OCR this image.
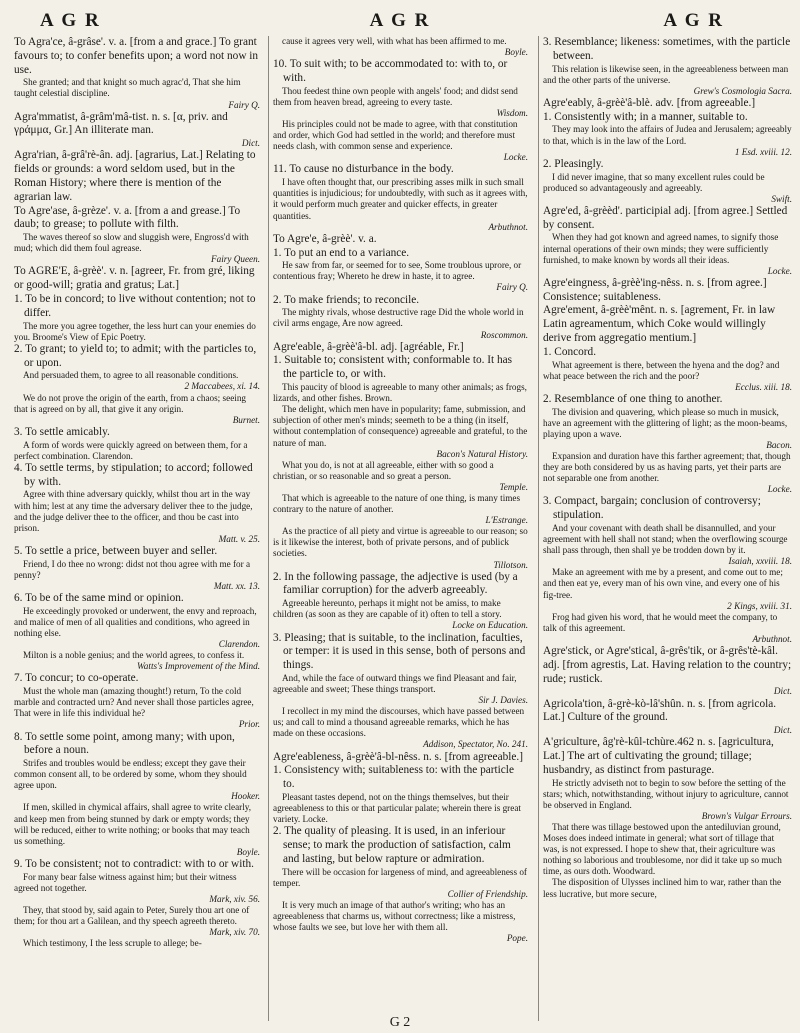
A G R	A G R	A G R

To Agra'ce, â-grâse'. v. a. [from a and grace.] To grant favours to; to confer benefits upon; a word not now in use.

She granted; and that knight so much agrac'd, That she him taught celestial discipline.

Fairy Q.

Agra'mmatist, â-grâm'mâ-tist. n. s. [α, priv. and γράμμα, Gr.] An illiterate man.

Dict.

Agra'rian, â-grâ'rè-ân. adj. [agrarius, Lat.] Relating to fields or grounds: a word seldom used, but in the Roman History; where there is mention of the agrarian law.

To Agre'ase, â-grèze'. v. a. [from a and grease.] To daub; to grease; to pollute with filth.

The waves thereof so slow and sluggish were, Engross'd with mud; which did them foul agrease.

Fairy Queen.

To AGRE'E, â-grèè'. v. n. [agreer, Fr. from gré, liking or good-will; gratia and gratus; Lat.]

1. To be in concord; to live without contention; not to differ.

The more you agree together, the less hurt can your enemies do you. Broome's View of Epic Poetry.

2. To grant; to yield to; to admit; with the particles to, or upon.

And persuaded them, to agree to all reasonable conditions.

2 Maccabees, xi. 14.

We do not prove the origin of the earth, from a chaos; seeing that is agreed on by all, that give it any origin.

Burnet.

3. To settle amicably.

A form of words were quickly agreed on between them, for a perfect combination. Clarendon.

4. To settle terms, by stipulation; to accord; followed by with.

Agree with thine adversary quickly, whilst thou art in the way with him; lest at any time the adversary deliver thee to the judge, and the judge deliver thee to the officer, and thou be cast into prison.

Matt. v. 25.

5. To settle a price, between buyer and seller.

Friend, I do thee no wrong: didst not thou agree with me for a penny?

Matt. xx. 13.

6. To be of the same mind or opinion.

He exceedingly provoked or underwent, the envy and reproach, and malice of men of all qualities and conditions, who agreed in nothing else.

Clarendon.

Milton is a noble genius; and the world agrees, to confess it.

Watts's Improvement of the Mind.

7. To concur; to co-operate.

Must the whole man (amazing thought!) return, To the cold marble and contracted urn? And never shall those particles agree, That were in life this individual he?

Prior.

8. To settle some point, among many; with upon, before a noun.

Strifes and troubles would be endless; except they gave their common consent all, to be ordered by some, whom they should agree upon.

Hooker.

If men, skilled in chymical affairs, shall agree to write clearly, and keep men from being stunned by dark or empty words; they will be reduced, either to write nothing; or books that may teach us something.

Boyle.

9. To be consistent; not to contradict: with to or with.

For many bear false witness against him; but their witness agreed not together.

Mark, xiv. 56.

They, that stood by, said again to Peter, Surely thou art one of them; for thou art a Galilean, and thy speech agreeth thereto.

Mark, xiv. 70.

Which testimony, I the less scruple to allege; be-

cause it agrees very well, with what has been affirmed to me.

Boyle.

10. To suit with; to be accommodated to: with to, or with.

Thou feedest thine own people with angels' food; and didst send them from heaven bread, agreeing to every taste.

Wisdom.

His principles could not be made to agree, with that constitution and order, which God had settled in the world; and therefore must needs clash, with common sense and experience.

Locke.

11. To cause no disturbance in the body.

I have often thought that, our prescribing asses milk in such small quantities is injudicious; for undoubtedly, with such as it agrees with, it would perform much greater and quicker effects, in greater quantities.

Arbuthnot.

To Agre'e, â-grèè'. v. a.

1. To put an end to a variance.

He saw from far, or seemed for to see, Some troublous uprore, or contentious fray; Whereto he drew in haste, it to agree.

Fairy Q.

2. To make friends; to reconcile.

The mighty rivals, whose destructive rage Did the whole world in civil arms engage, Are now agreed.

Roscommon.

Agre'eable, â-grèè'â-bl. adj. [agréable, Fr.]

1. Suitable to; consistent with; conformable to. It has the particle to, or with.

This paucity of blood is agreeable to many other animals; as frogs, lizards, and other fishes. Brown.

The delight, which men have in popularity; fame, submission, and subjection of other men's minds; seemeth to be a thing (in itself, without contemplation of consequence) agreeable and grateful, to the nature of man.

Bacon's Natural History.

What you do, is not at all agreeable, either with so good a christian, or so reasonable and so great a person.

Temple.

That which is agreeable to the nature of one thing, is many times contrary to the nature of another.

L'Estrange.

As the practice of all piety and virtue is agreeable to our reason; so is it likewise the interest, both of private persons, and of publick societies.

Tillotson.

2. In the following passage, the adjective is used (by a familiar corruption) for the adverb agreeably.

Agreeable hereunto, perhaps it might not be amiss, to make children (as soon as they are capable of it) often to tell a story.

Locke on Education.

3. Pleasing; that is suitable, to the inclination, faculties, or temper: it is used in this sense, both of persons and things.

And, while the face of outward things we find Pleasant and fair, agreeable and sweet; These things transport.

Sir J. Davies.

I recollect in my mind the discourses, which have passed between us; and call to mind a thousand agreeable remarks, which he has made on these occasions.

Addison, Spectator, No. 241.

Agre'eableness, â-grèè'â-bl-nêss. n. s. [from agreeable.]

1. Consistency with; suitableness to: with the particle to.

Pleasant tastes depend, not on the things themselves, but their agreeableness to this or that particular palate; wherein there is great variety. Locke.

2. The quality of pleasing. It is used, in an inferiour sense; to mark the production of satisfaction, calm and lasting, but below rapture or admiration.

There will be occasion for largeness of mind, and agreeableness of temper.

Collier of Friendship.

It is very much an image of that author's writing; who has an agreeableness that charms us, without correctness; like a mistress, whose faults we see, but love her with them all.

Pope.

3. Resemblance; likeness: sometimes, with the particle between.

This relation is likewise seen, in the agreeableness between man and the other parts of the universe.

Grew's Cosmologia Sacra.

Agre'eably, â-grèè'â-blè. adv. [from agreeable.]

1. Consistently with; in a manner, suitable to.

They may look into the affairs of Judea and Jerusalem; agreeably to that, which is in the law of the Lord.

1 Esd. xviii. 12.

2. Pleasingly.

I did never imagine, that so many excellent rules could be produced so advantageously and agreeably.

Swift.

Agre'ed, â-grèèd'. participial adj. [from agree.] Settled by consent.

When they had got known and agreed names, to signify those internal operations of their own minds; they were sufficiently furnished, to make known by words all their ideas.

Locke.

Agre'eingness, â-grèè'ing-nêss. n. s. [from agree.] Consistence; suitableness.

Agre'ement, â-grèè'mênt. n. s. [agrement, Fr. in law Latin agreamentum, which Coke would willingly derive from aggregatio mentium.]

1. Concord.

What agreement is there, between the hyena and the dog? and what peace between the rich and the poor?

Ecclus. xiii. 18.

2. Resemblance of one thing to another.

The division and quavering, which please so much in musick, have an agreement with the glittering of light; as the moon-beams, playing upon a wave.

Bacon.

Expansion and duration have this farther agreement; that, though they are both considered by us as having parts, yet their parts are not separable one from another.

Locke.

3. Compact, bargain; conclusion of controversy; stipulation.

And your covenant with death shall be disannulled, and your agreement with hell shall not stand; when the overflowing scourge shall pass through, then shall ye be trodden down by it.

Isaiah, xxviii. 18.

Make an agreement with me by a present, and come out to me; and then eat ye, every man of his own vine, and every one of his fig-tree.

2 Kings, xviii. 31.

Frog had given his word, that he would meet the company, to talk of this agreement.

Arbuthnot.

Agre'stick, or Agre'stical, â-grês'tik, or â-grês'tè-kâl. adj. [from agrestis, Lat. Having relation to the country; rude; rustick.

Dict.

Agricola'tion, â-grè-kò-lâ'shûn. n. s. [from agricola. Lat.] Culture of the ground.

Dict.

A'griculture, âg'rè-kûl-tchùre.462 n. s. [agricultura, Lat.] The art of cultivating the ground; tillage; husbandry, as distinct from pasturage.

He strictly adviseth not to begin to sow before the setting of the stars; which, notwithstanding, without injury to agriculture, cannot be observed in England.

Brown's Vulgar Errours.

That there was tillage bestowed upon the antediluvian ground, Moses does indeed intimate in general; what sort of tillage that was, is not expressed. I hope to shew that, their agriculture was nothing so laborious and troublesome, nor did it take up so much time, as ours doth. Woodward.

The disposition of Ulysses inclined him to war, rather than the less lucrative, but more secure,

G 2
